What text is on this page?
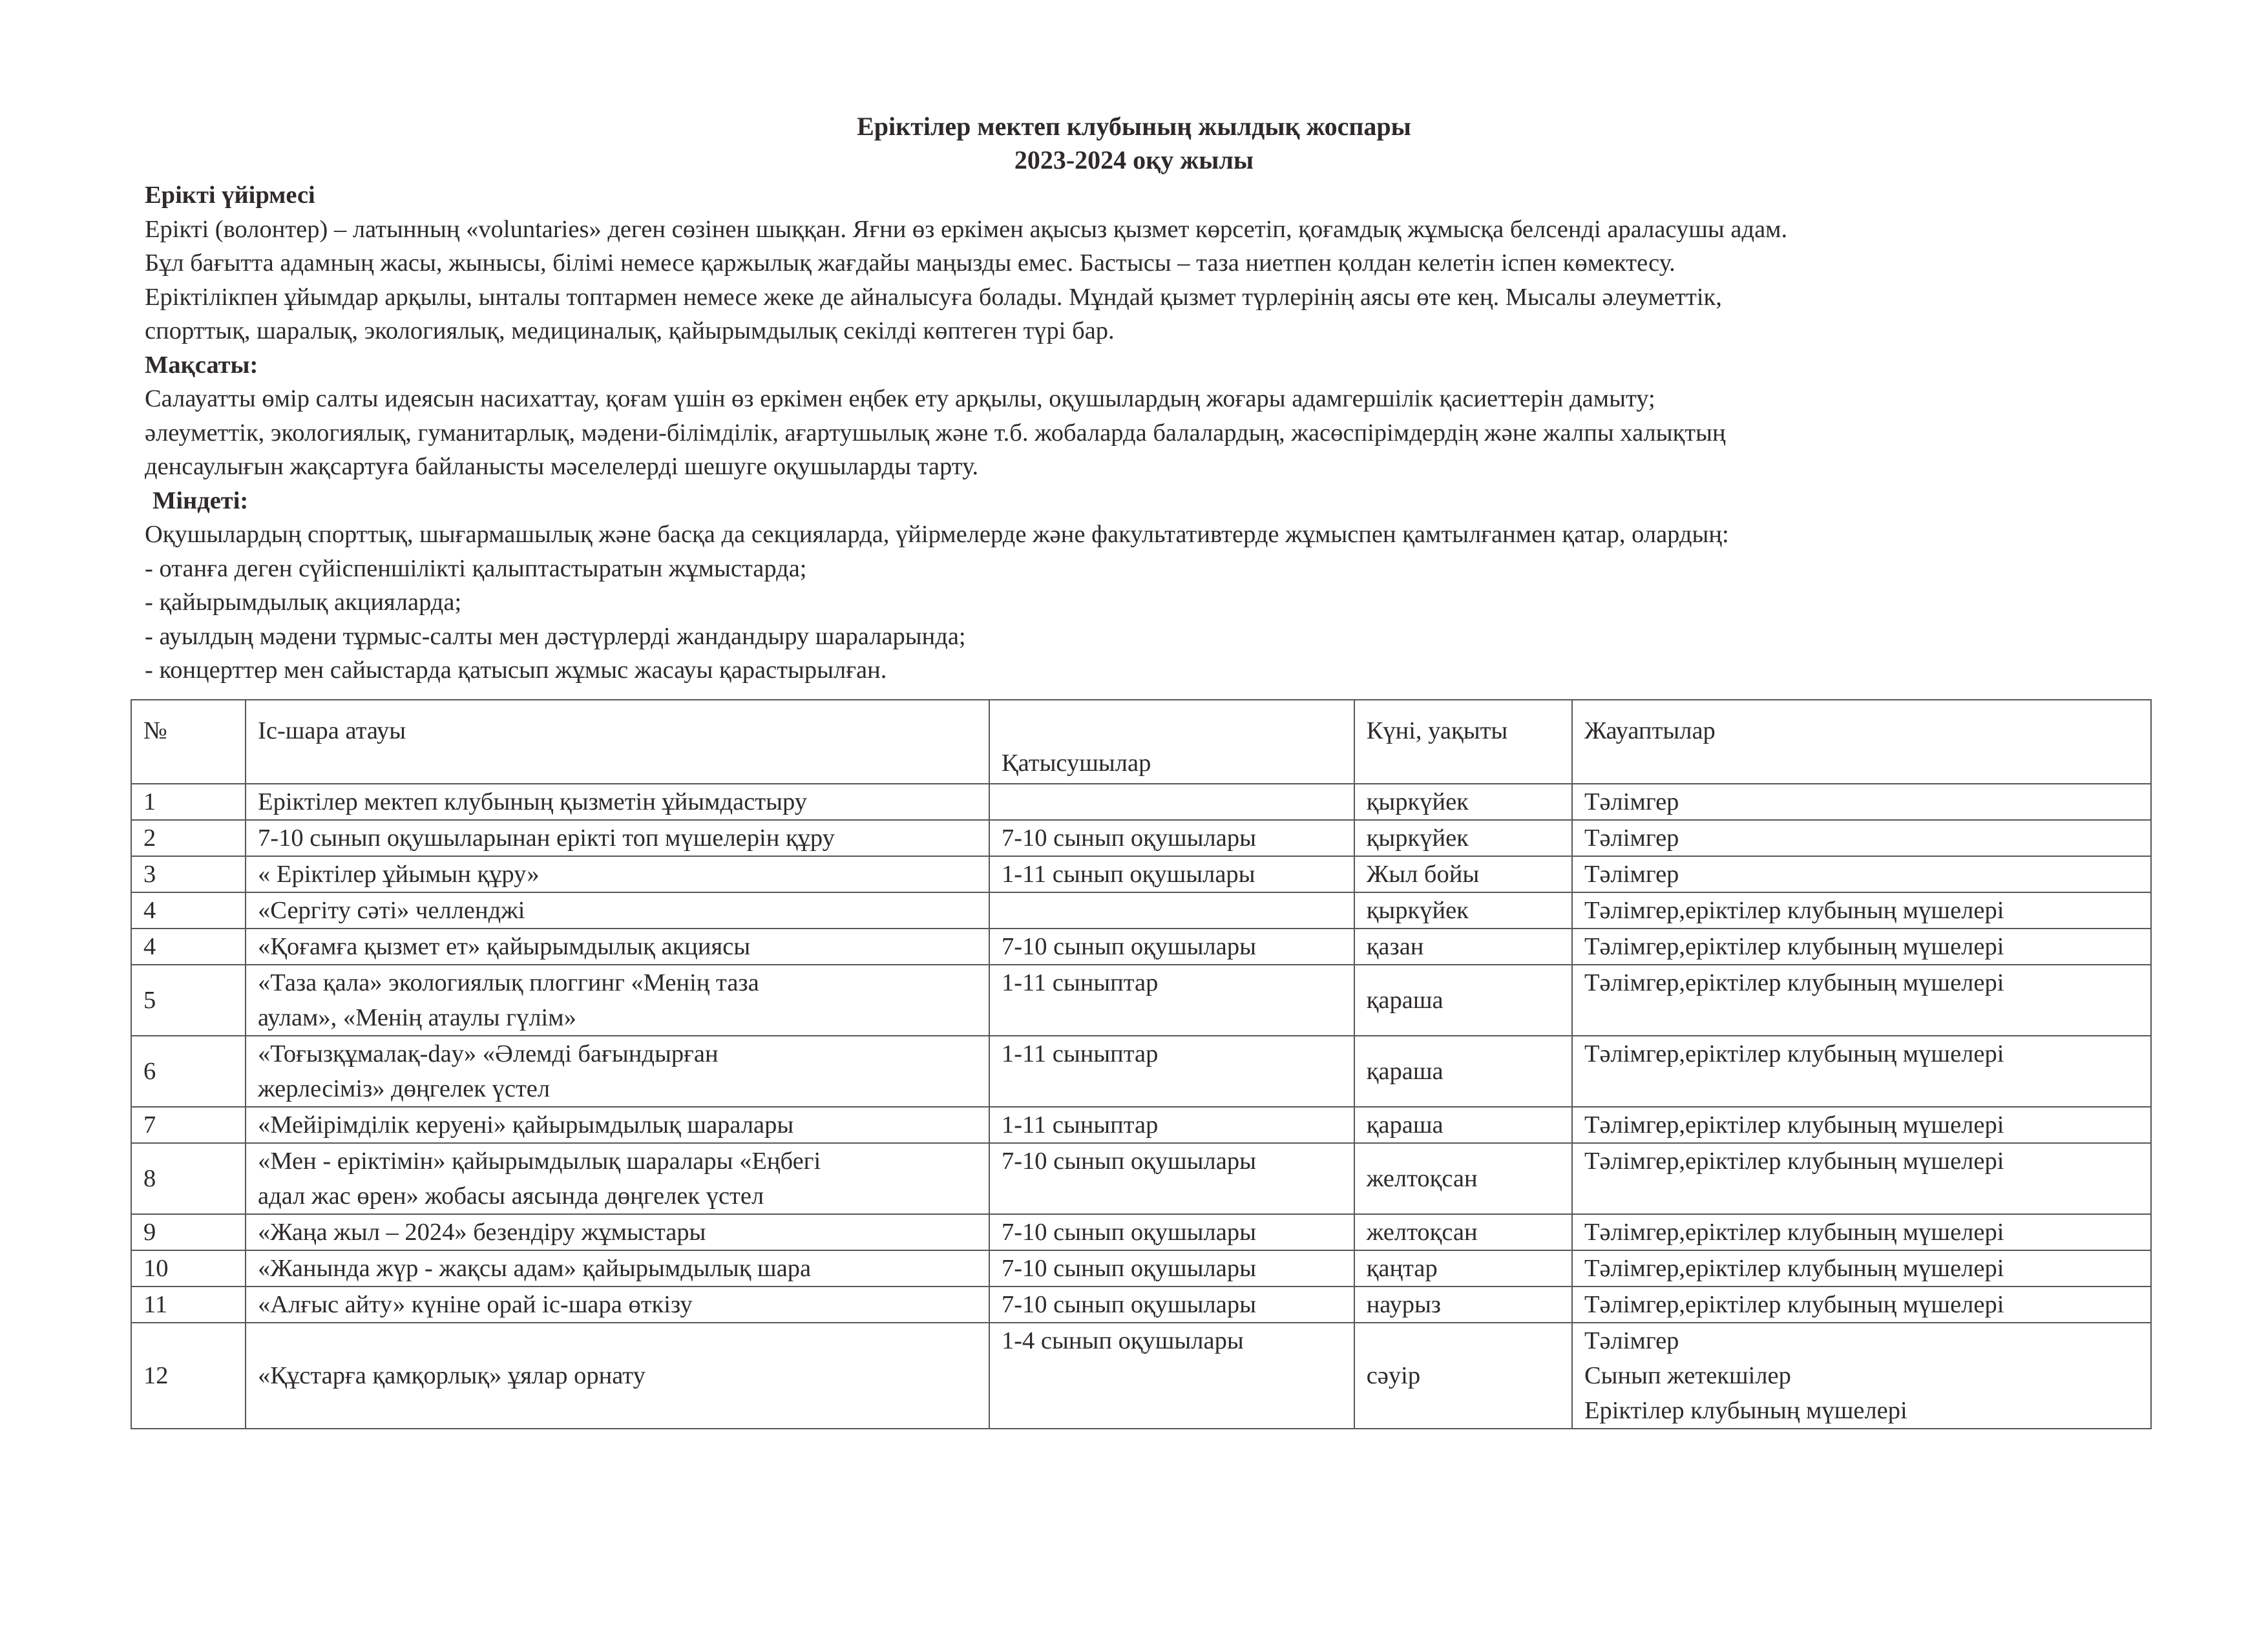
Еріктілер мектеп клубының жылдық жоспары
2023-2024 оқу жылы
Ерікті үйірмесі
Ерікті (волонтер) – латынның «voluntaries» деген сөзінен шыққан. Яғни өз еркімен ақысыз қызмет көрсетіп, қоғамдық жұмысқа белсенді араласушы адам.
Бұл бағытта адамның жасы, жынысы, білімі немесе қаржылық жағдайы маңызды емес. Бастысы – таза ниетпен қолдан келетін іспен көмектесу.
Еріктілікпен ұйымдар арқылы, ынталы топтармен немесе жеке де айналысуға болады. Мұндай қызмет түрлерінің аясы өте кең. Мысалы әлеуметтік,
спорттық, шаралық, экологиялық, медициналық, қайырымдылық секілді көптеген түрі бар.
Мақсаты:
Салауатты өмір салты идеясын насихаттау, қоғам үшін өз еркімен еңбек ету арқылы, оқушылардың жоғары адамгершілік қасиеттерін дамыту;
әлеуметтік, экологиялық, гуманитарлық, мәдени-білімділік, ағартушылық және т.б. жобаларда балалардың, жасөспірімдердің және жалпы халықтың
денсаулығын жақсартуға байланысты мәселелерді шешуге оқушыларды тарту.
Міндеті:
Оқушылардың спорттық, шығармашылық және басқа да секцияларда, үйірмелерде және факультативтерде жұмыспен қамтылғанмен қатар, олардың:
- отанға деген сүйіспеншілікті қалыптастыратын жұмыстарда;
- қайырымдылық акцияларда;
- ауылдың мәдени тұрмыс-салты мен дәстүрлерді жандандыру шараларында;
- концерттер мен сайыстарда қатысып жұмыс жасауы қарастырылған.
№	Іс-шара атауы	Қатысушылар	Күні, уақыты	Жауаптылар
1	Еріктілер мектеп клубының қызметін ұйымдастыру		қыркүйек	Тәлімгер

2	7-10 сынып оқушыларынан ерікті топ мүшелерін құру	7-10 сынып оқушылары	қыркүйек	Тәлімгер

3	« Еріктілер ұйымын құру»	1-11 сынып оқушылары	Жыл бойы	Тәлімгер

4	«Сергіту сәті» челленджі		қыркүйек	Тәлімгер,еріктілер клубының мүшелері

4	«Қоғамға қызмет ет» қайырымдылық акциясы	7-10 сынып оқушылары	қазан	Тәлімгер,еріктілер клубының мүшелері

5	«Таза қала» экологиялық плоггинг «Менің таза
аулам», «Менің атаулы гүлім»	1-11 сыныптар	қараша	Тәлімгер,еріктілер клубының мүшелері

6	«Тоғызқұмалақ-day» «Әлемді бағындырған
жерлесіміз» дөңгелек үстел	1-11 сыныптар	қараша	Тәлімгер,еріктілер клубының мүшелері

7	«Мейірімділік керуені» қайырымдылық шаралары	1-11 сыныптар	қараша	Тәлімгер,еріктілер клубының мүшелері

8	«Мен - еріктімін» қайырымдылық шаралары «Еңбегі
адал жас өрен» жобасы аясында дөңгелек үстел	7-10 сынып оқушылары	желтоқсан	Тәлімгер,еріктілер клубының мүшелері

9	«Жаңа жыл – 2024» безендіру жұмыстары	7-10 сынып оқушылары	желтоқсан	Тәлімгер,еріктілер клубының мүшелері

10	«Жанында жүр - жақсы адам» қайырымдылық шара	7-10 сынып оқушылары	қаңтар	Тәлімгер,еріктілер клубының мүшелері

11	«Алғыс айту» күніне орай іс-шара өткізу	7-10 сынып оқушылары	наурыз	Тәлімгер,еріктілер клубының мүшелері

12	«Құстарға қамқорлық» ұялар орнату	1-4 сынып оқушылары	сәуір	Тәлімгер
Сынып жетекшілер
Еріктілер клубының мүшелері
